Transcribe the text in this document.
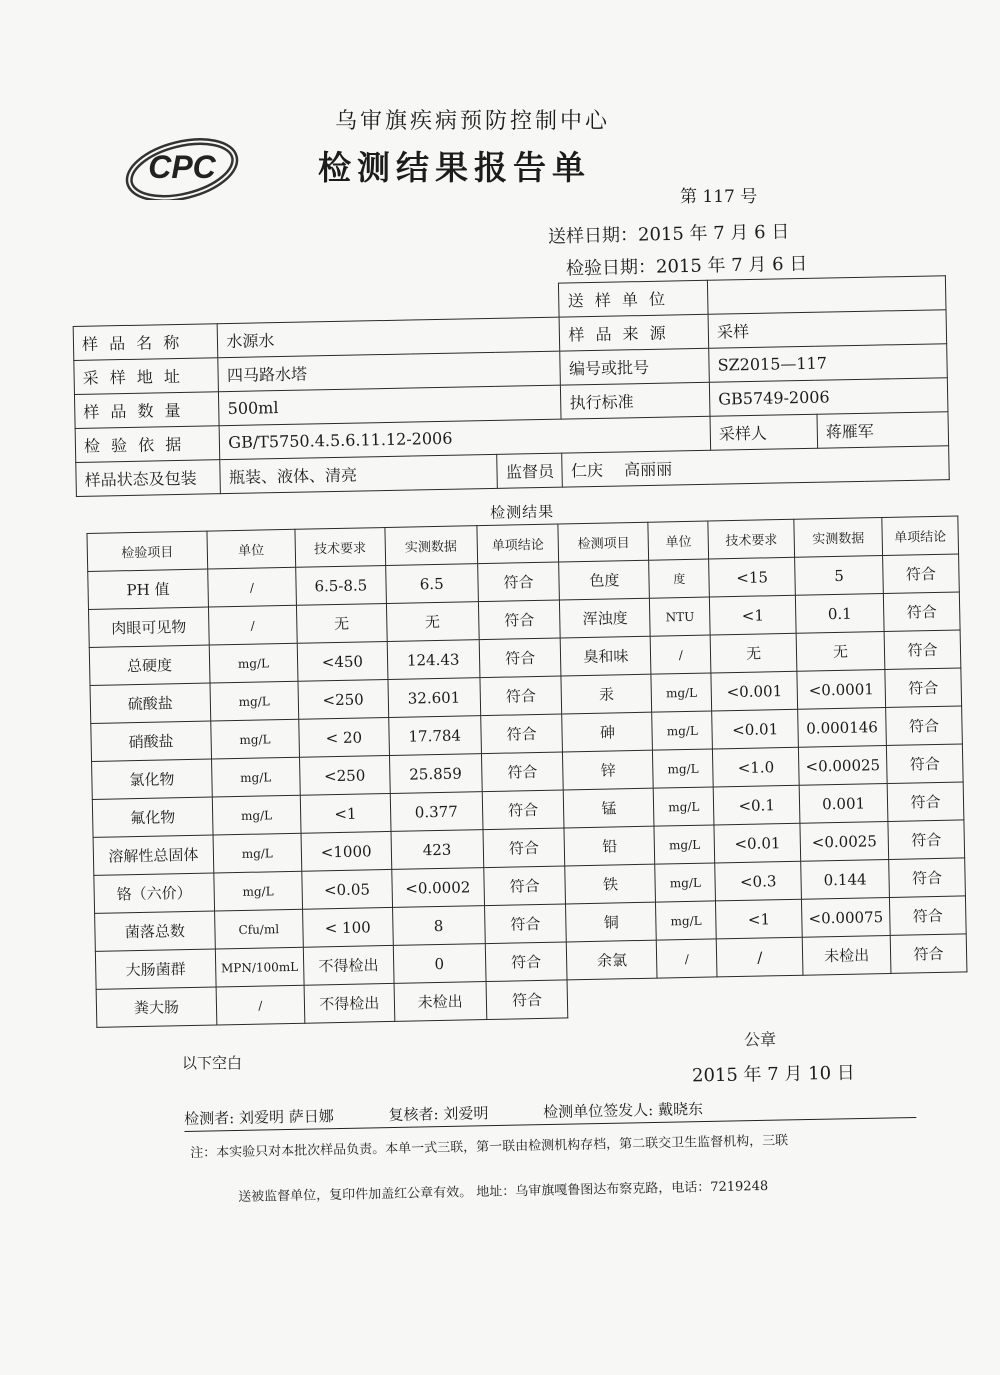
乌审旗疾病预防控制中心
CPC	检测结果报告单
第 117 号
送样日期：2015 年 7 月 6 日
检验日期：2015 年 7 月 6 日
			送 样 单 位		
样 品 名 称	水源水		样 品 来 源	采样	
采 样 地 址	四马路水塔		编号或批号	SZ2015—117	
样 品 数 量	500ml		执行标准	GB5749-2006	
检 验 依 据	GB/T5750.4.5.6.11.12-2006			采样人	蒋雁军
样品状态及包装	瓶装、液体、清亮	监督员	仁庆　 高丽丽		
检测结果
检验项目	单位	技术要求	实测数据	单项结论	检测项目	单位	技术要求	实测数据	单项结论
PH 值	/	6.5-8.5	6.5	符合	色度	度	<15	5	符合
肉眼可见物	/	无	无	符合	浑浊度	NTU	<1	0.1	符合
总硬度	mg/L	<450	124.43	符合	臭和味	/	无	无	符合
硫酸盐	mg/L	<250	32.601	符合	汞	mg/L	<0.001	<0.0001	符合
硝酸盐	mg/L	< 20	17.784	符合	砷	mg/L	<0.01	0.000146	符合
氯化物	mg/L	<250	25.859	符合	锌	mg/L	<1.0	<0.00025	符合
氟化物	mg/L	<1	0.377	符合	锰	mg/L	<0.1	0.001	符合
溶解性总固体	mg/L	<1000	423	符合	铅	mg/L	<0.01	<0.0025	符合
铬（六价）	mg/L	<0.05	<0.0002	符合	铁	mg/L	<0.3	0.144	符合
菌落总数	Cfu/ml	< 100	8	符合	铜	mg/L	<1	<0.00075	符合
大肠菌群	MPN/100mL	不得检出	0	符合	余氯	/	/	未检出	符合
粪大肠	/	不得检出	未检出	符合					
以下空白
公章
2015 年 7 月 10 日
检测者: 刘爱明 萨日娜	复核者: 刘爱明	检测单位签发人: 戴晓东
注：本实验只对本批次样品负责。本单一式三联，第一联由检测机构存档，第二联交卫生监督机构，三联
送被监督单位，复印件加盖红公章有效。 地址：乌审旗嘎鲁图达布察克路，电话：7219248
